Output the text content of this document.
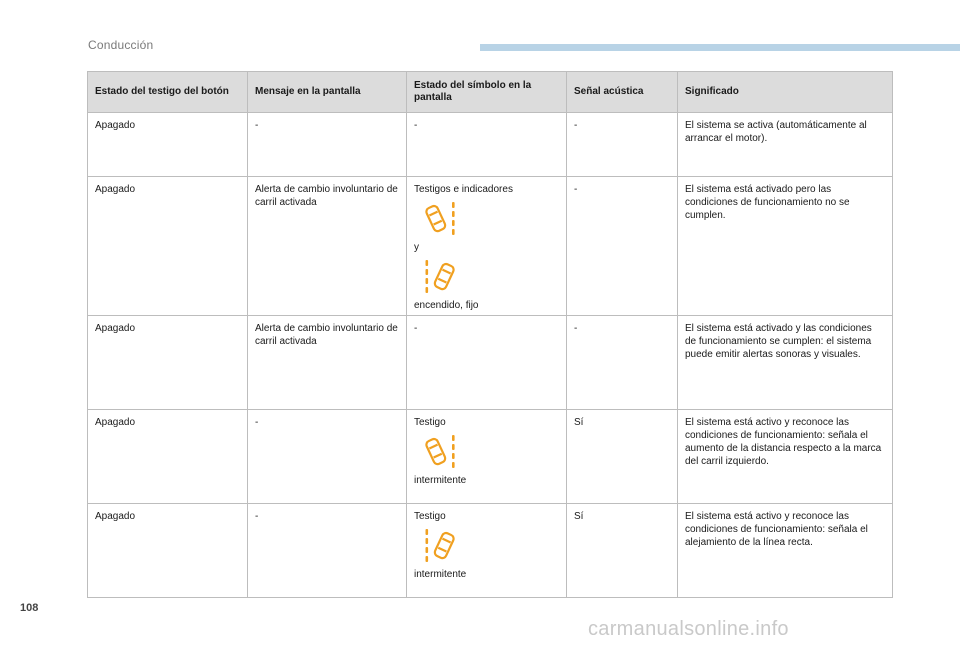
Conducción
Estado del testigo del botón	Mensaje en la pantalla	Estado del símbolo en la pantalla	Señal acústica	Significado
Apagado	-	-	-	El sistema se activa (automáticamente al arrancar el motor).
Apagado	Alerta de cambio involuntario de carril activada	Testigos e indicadores
y
encendido, fijo	-	El sistema está activado pero las condiciones de funcionamiento no se cumplen.
Apagado	Alerta de cambio involuntario de carril activada	-	-	El sistema está activado y las condiciones de funcionamiento se cumplen: el sistema puede emitir alertas sonoras y visuales.
Apagado	-	Testigo
intermitente	Sí	El sistema está activo y reconoce las condiciones de funcionamiento: señala el aumento de la distancia respecto a la marca del carril izquierdo.
Apagado	-	Testigo
intermitente	Sí	El sistema está activo y reconoce las condiciones de funcionamiento: señala el alejamiento de la línea recta.
108
carmanualsonline.info
